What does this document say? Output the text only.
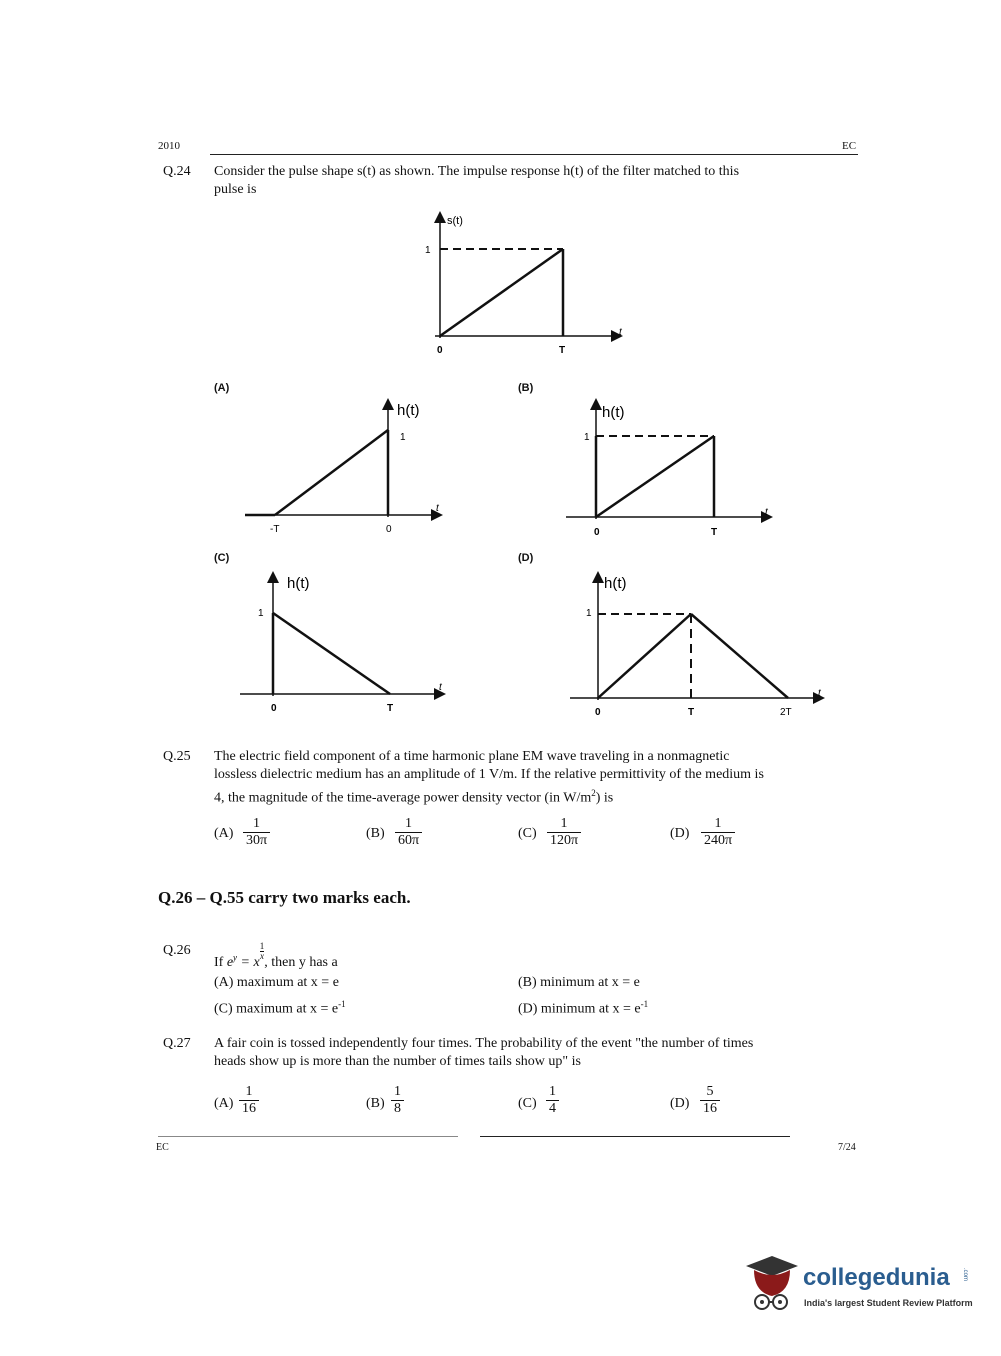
2010	EC
Q.24 Consider the pulse shape s(t) as shown. The impulse response h(t) of the filter matched to this
pulse is
s(t)
1
0	T
t
(A)	(B)
(C)	(D)
h(t)
1
-T	0
t
h(t)
1
0	T
t
h(t)
1
0	T
t
h(t)
1
0	T	2T
t
Q.25 The electric field component of a time harmonic plane EM wave traveling in a nonmagnetic
lossless dielectric medium has an amplitude of 1 V/m. If the relative permittivity of the medium is
4, the magnitude of the time-average power density vector (in $W/m^2$) is
$(A) \frac{1}{30\pi}$	$(B) \frac{1}{60\pi}$	$(C) \frac{1}{120\pi}$	$(D) \frac{1}{240\pi}$
Q.26 – Q.55 carry two marks each.
Q.26
If $e^y = x$
$\frac{1}{x}$
, then y has a
(A) maximum at x = e	(B) minimum at x = e
(C) maximum at $x = e^{-1}$	(D) minimum at $x = e^{-1}$
Q.27 A fair coin is tossed independently four times. The probability of the event "the number of times
heads show up is more than the number of times tails show up" is
$(A) \frac{1}{16}$	$(B) \frac{1}{8}$	$(C) \frac{1}{4}$	$(D) \frac{5}{16}$
EC	7/24
collegedunia .com
India's largest Student Review Platform
